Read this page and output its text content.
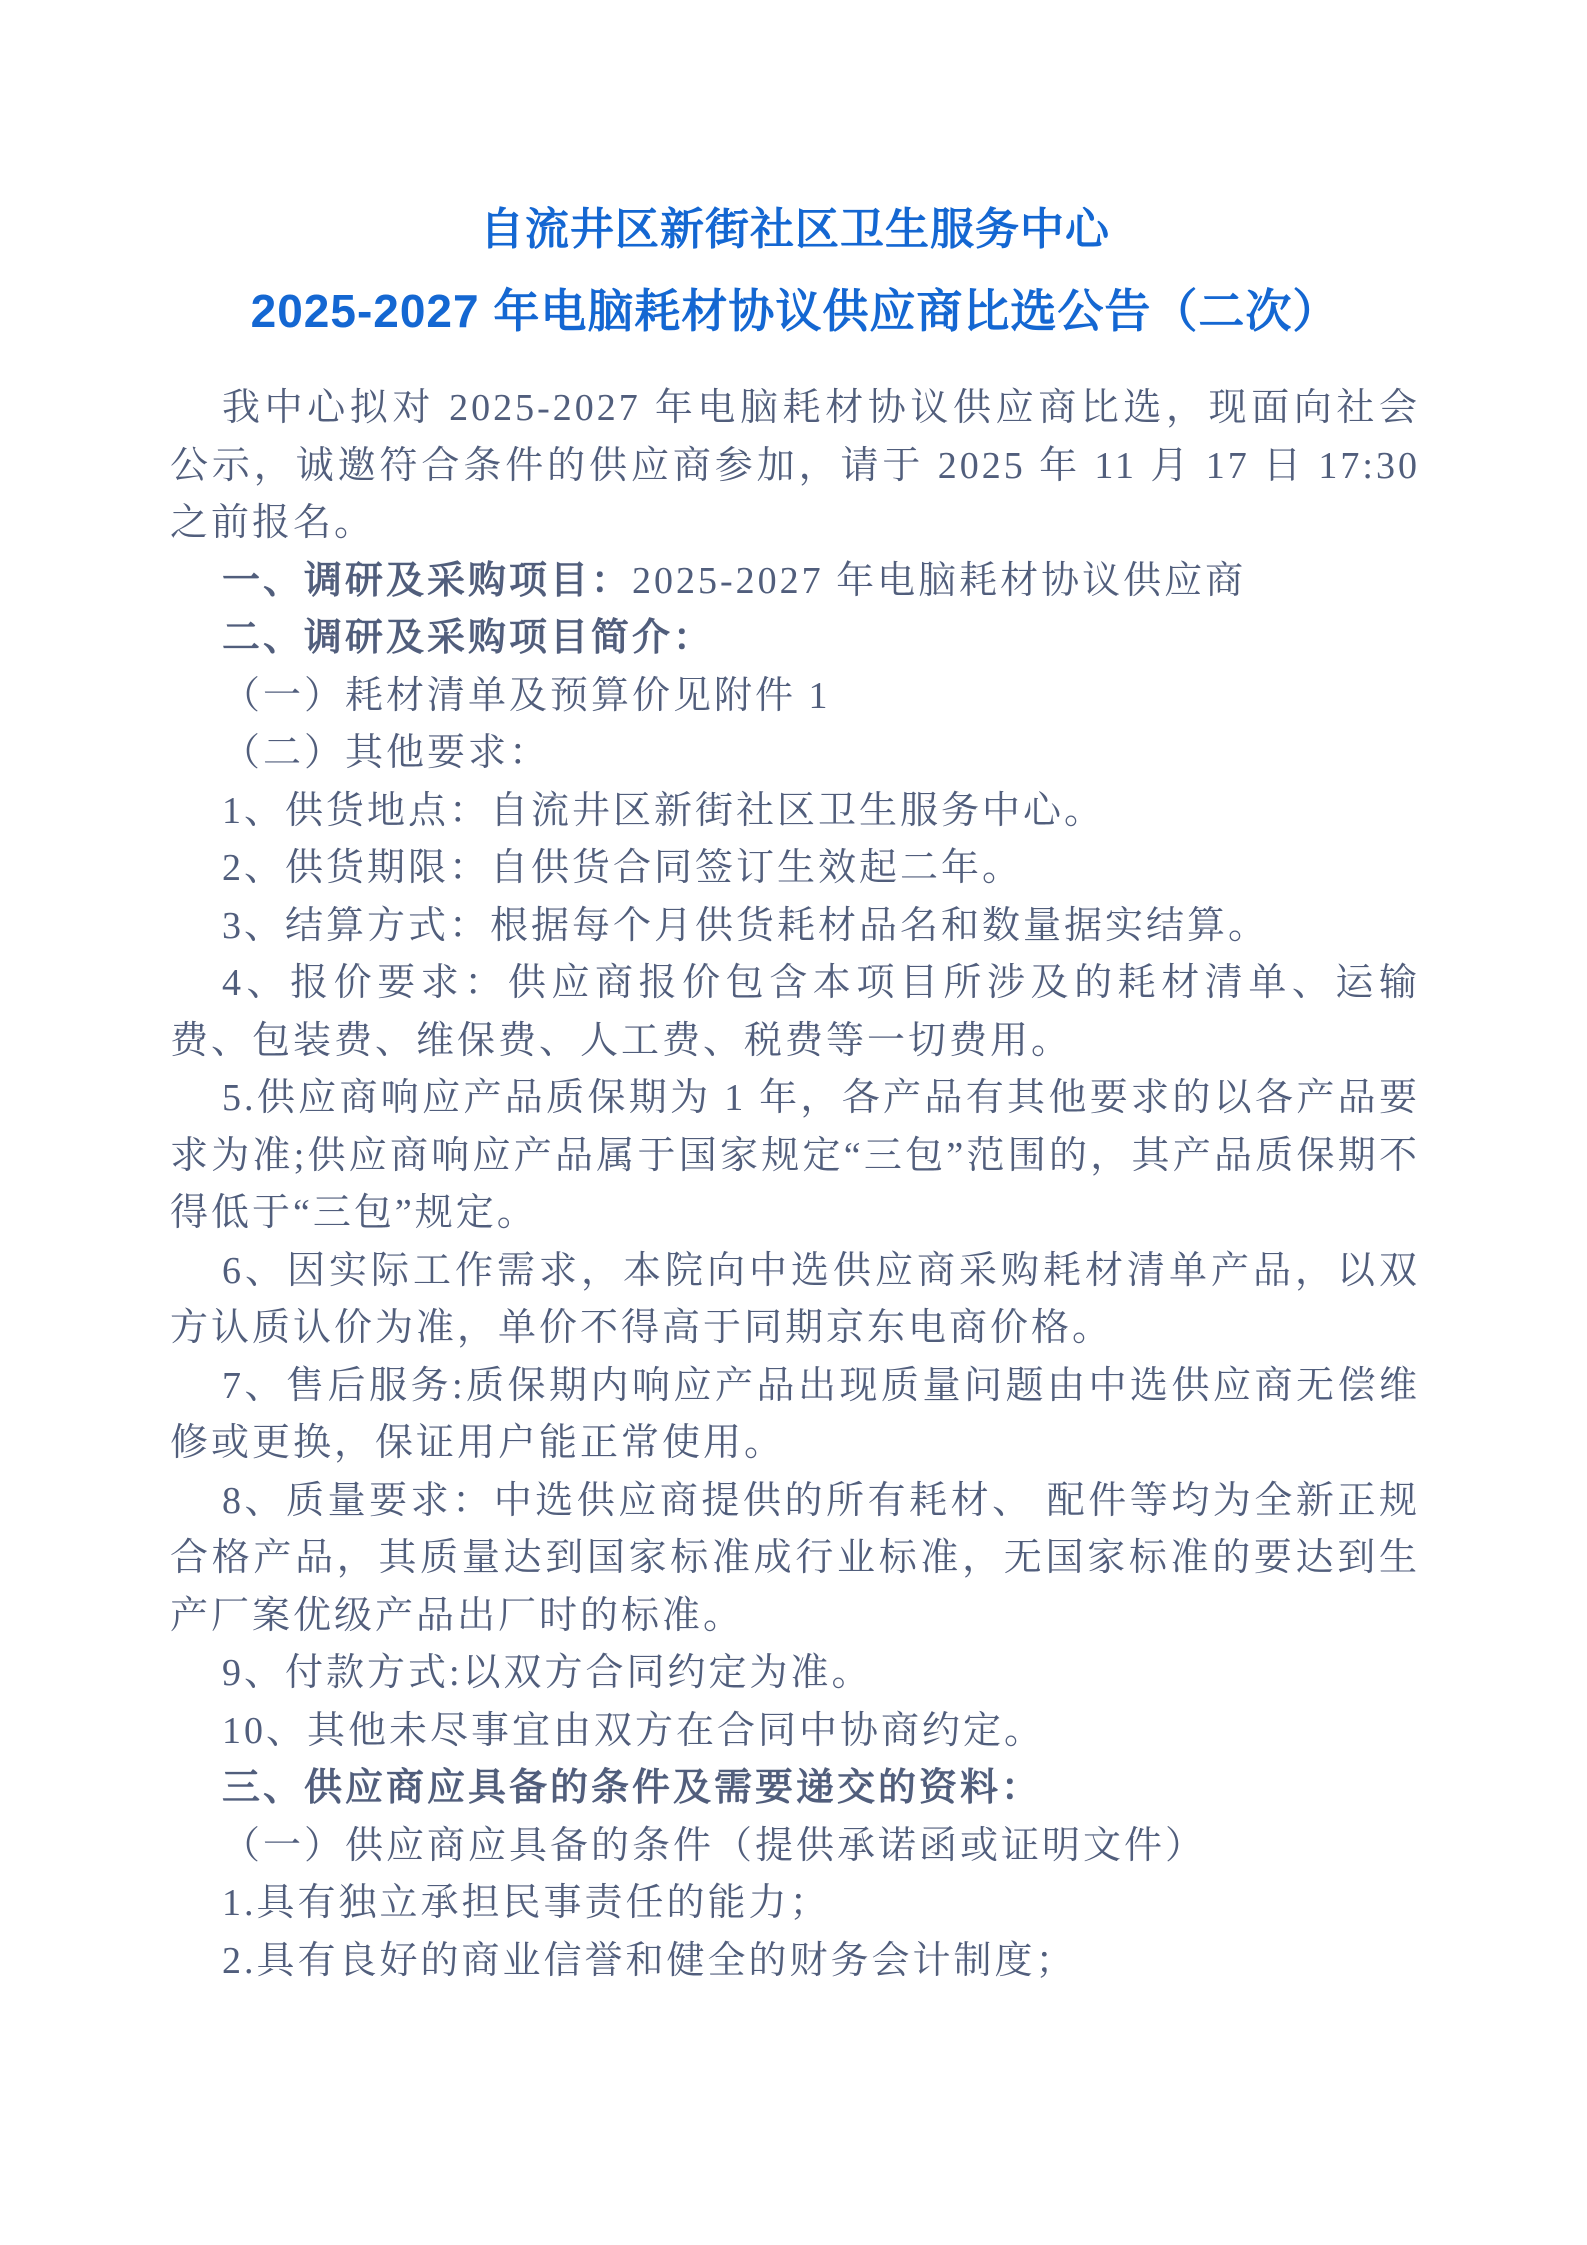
自流井区新街社区卫生服务中心
2025-2027 年电脑耗材协议供应商比选公告（二次）

我中心拟对 2025-2027 年电脑耗材协议供应商比选，现面向社会公示，诚邀符合条件的供应商参加，请于 2025 年 11 月 17 日 17:30 之前报名。

一、调研及采购项目：2025-2027 年电脑耗材协议供应商

二、调研及采购项目简介：

（一）耗材清单及预算价见附件 1

（二）其他要求：

1、供货地点：自流井区新街社区卫生服务中心。

2、供货期限：自供货合同签订生效起二年。

3、结算方式：根据每个月供货耗材品名和数量据实结算。

4、报价要求：供应商报价包含本项目所涉及的耗材清单、运输费、包装费、维保费、人工费、税费等一切费用。

5.供应商响应产品质保期为 1 年，各产品有其他要求的以各产品要求为准;供应商响应产品属于国家规定“三包”范围的，其产品质保期不得低于“三包”规定。

6、因实际工作需求，本院向中选供应商采购耗材清单产品，以双方认质认价为准，单价不得高于同期京东电商价格。

7、售后服务:质保期内响应产品出现质量问题由中选供应商无偿维修或更换，保证用户能正常使用。

8、质量要求：中选供应商提供的所有耗材、 配件等均为全新正规合格产品，其质量达到国家标准成行业标准，无国家标准的要达到生产厂案优级产品出厂时的标准。

9、付款方式:以双方合同约定为准。

10、其他未尽事宜由双方在合同中协商约定。

三、供应商应具备的条件及需要递交的资料：

（一）供应商应具备的条件（提供承诺函或证明文件）

1.具有独立承担民事责任的能力；

2.具有良好的商业信誉和健全的财务会计制度；
